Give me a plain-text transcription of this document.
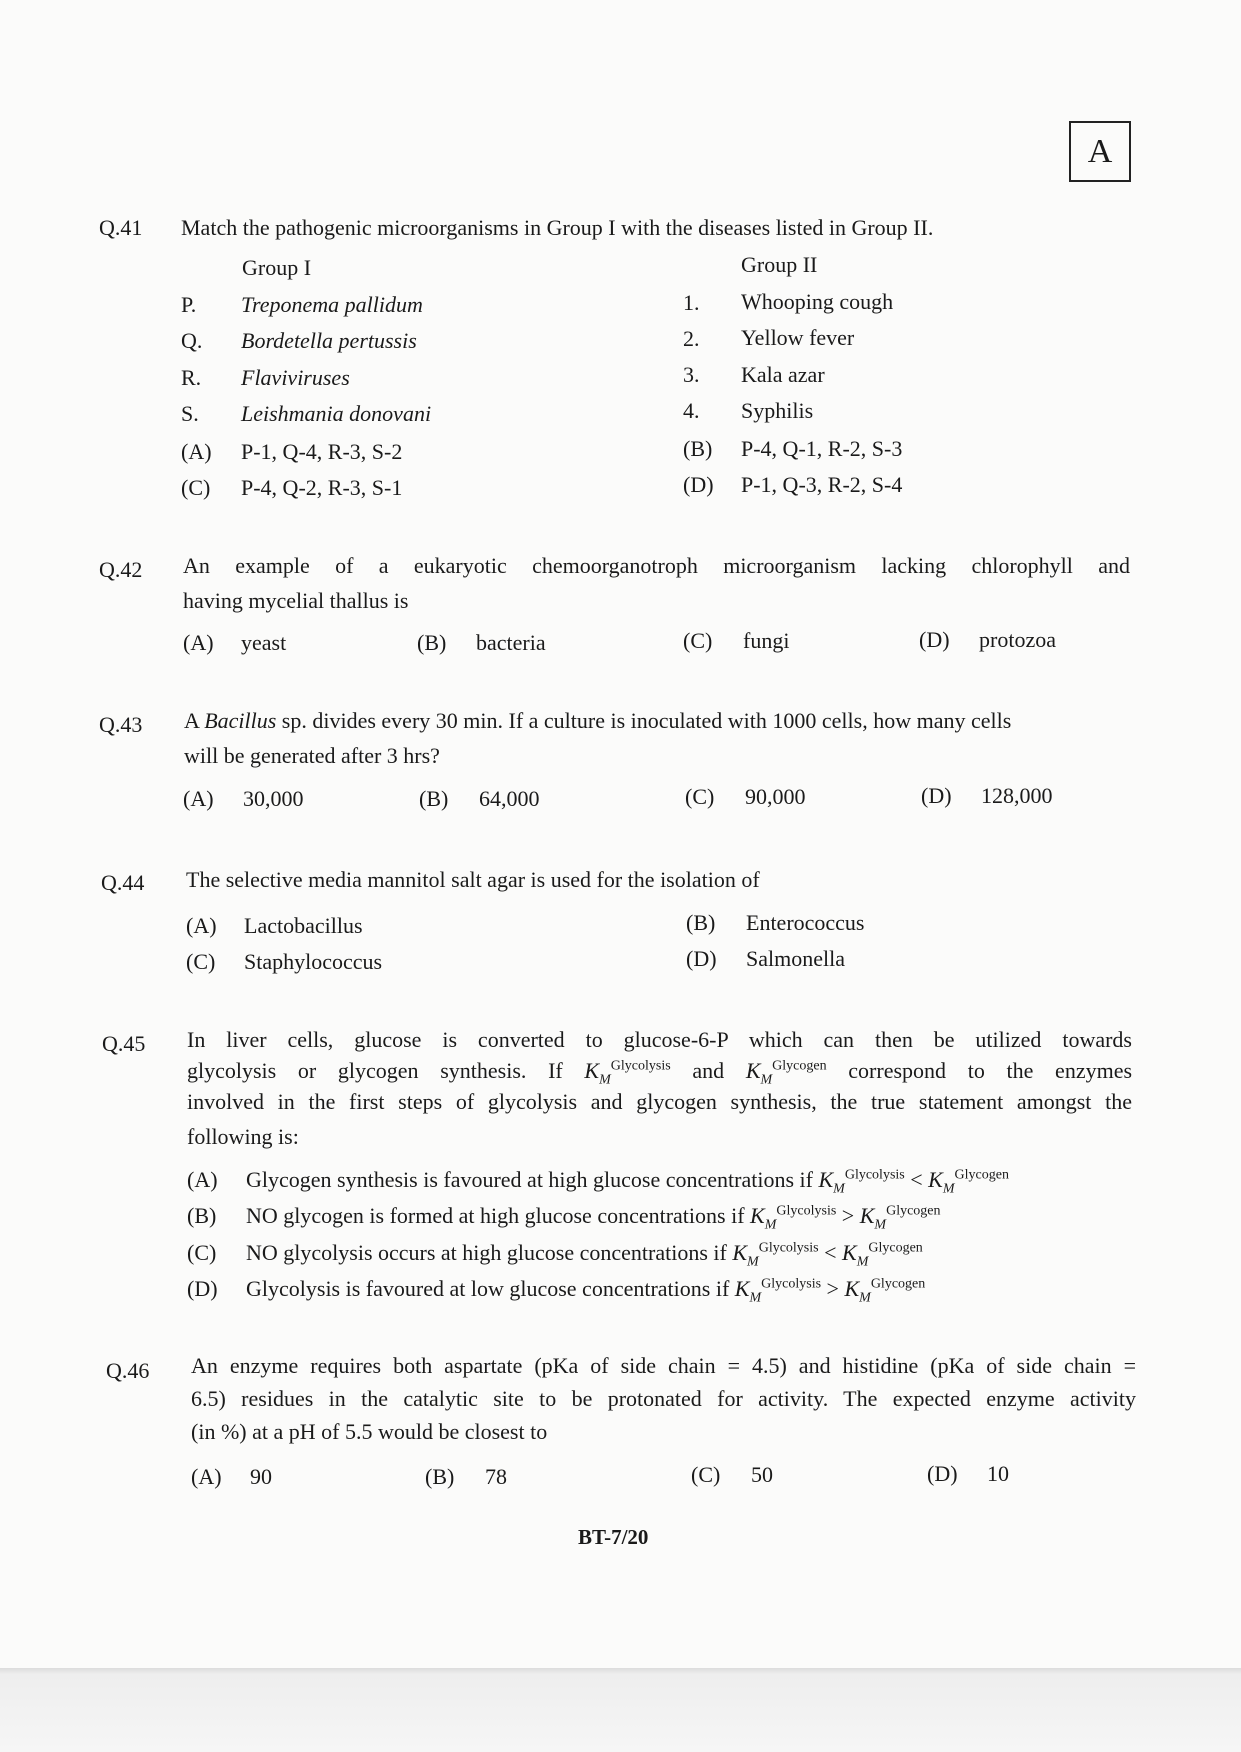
A
Q.41 Match the pathogenic microorganisms in Group I with the diseases listed in Group II.
Group I	Group II
P. Treponema pallidum	1. Whooping cough
Q. Bordetella pertussis	2. Yellow fever
R. Flaviviruses	3. Kala azar
S. Leishmania donovani	4. Syphilis
(A) P-1, Q-4, R-3, S-2	(B) P-4, Q-1, R-2, S-3
(C) P-4, Q-2, R-3, S-1	(D) P-1, Q-3, R-2, S-4
Q.42 An example of a eukaryotic chemoorganotroph microorganism lacking chlorophyll and
having mycelial thallus is
(A) yeast	(B) bacteria	(C) fungi	(D) protozoa
Q.43 A Bacillus sp. divides every 30 min. If a culture is inoculated with 1000 cells, how many cells
will be generated after 3 hrs?
(A) 30,000	(B) 64,000	(C) 90,000	(D) 128,000
Q.44 The selective media mannitol salt agar is used for the isolation of
(A) Lactobacillus	(B) Enterococcus
(C) Staphylococcus	(D) Salmonella
Q.45 In liver cells, glucose is converted to glucose-6-P which can then be utilized towards
glycolysis or glycogen synthesis. If $K_M^{Glycolysis}$ and $K_M^{Glycogen}$ correspond to the enzymes
involved in the first steps of glycolysis and glycogen synthesis, the true statement amongst the
following is:
(A) Glycogen synthesis is favoured at high glucose concentrations if $K_M^{Glycolysis} < K_M^{Glycogen}$
(B) NO glycogen is formed at high glucose concentrations if $K_M^{Glycolysis} > K_M^{Glycogen}$
(C) NO glycolysis occurs at high glucose concentrations if $K_M^{Glycolysis} < K_M^{Glycogen}$
(D) Glycolysis is favoured at low glucose concentrations if $K_M^{Glycolysis} > K_M^{Glycogen}$
Q.46 An enzyme requires both aspartate (pKa of side chain = 4.5) and histidine (pKa of side chain =
6.5) residues in the catalytic site to be protonated for activity. The expected enzyme activity
(in %) at a pH of 5.5 would be closest to
(A) 90	(B) 78	(C) 50	(D) 10
BT-7/20
